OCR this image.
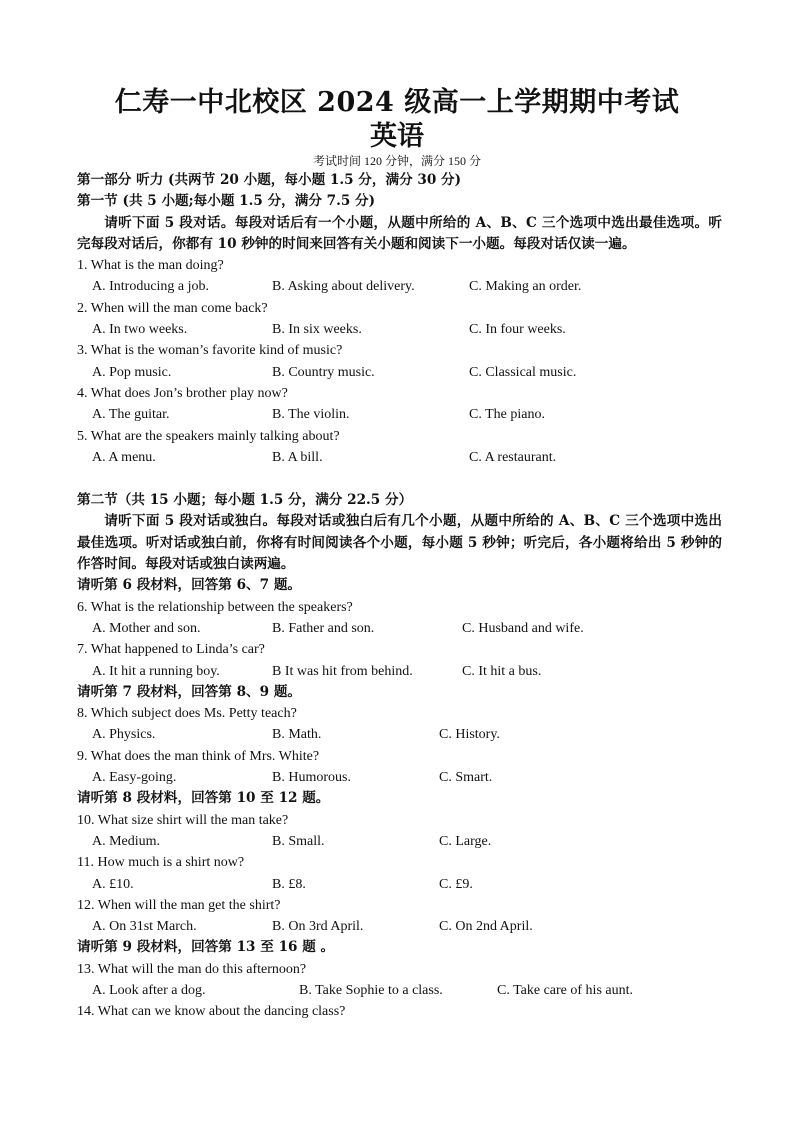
仁寿一中北校区 2024 级高一上学期期中考试
英语
考试时间 120 分钟，满分 150 分
第一部分 听力 (共两节 20 小题，每小题 1.5 分，满分 30 分)
第一节 (共 5 小题;每小题 1.5 分，满分 7.5 分)
请听下面 5 段对话。每段对话后有一个小题，从题中所给的 A、B、C 三个选项中选出最佳选项。听完每段对话后，你都有 10 秒钟的时间来回答有关小题和阅读下一小题。每段对话仅读一遍。
1. What is the man doing?
A. Introducing a job.	B. Asking about delivery.	C. Making an order.
2. When will the man come back?
A. In two weeks.	B. In six weeks.	C. In four weeks.
3. What is the woman’s favorite kind of music?
A. Pop music.	B. Country music.	C. Classical music.
4. What does Jon’s brother play now?
A. The guitar.	B. The violin.	C. The piano.
5. What are the speakers mainly talking about?
A. A menu.	B. A bill.	C. A restaurant.
第二节（共 15 小题；每小题 1.5 分，满分 22.5 分）
请听下面 5 段对话或独白。每段对话或独白后有几个小题，从题中所给的 A、B、C 三个选项中选出最佳选项。听对话或独白前，你将有时间阅读各个小题，每小题 5 秒钟；听完后，各小题将给出 5 秒钟的作答时间。每段对话或独白读两遍。
请听第 6 段材料，回答第 6、7 题。
6. What is the relationship between the speakers?
A. Mother and son.	B. Father and son.	C. Husband and wife.
7. What happened to Linda’s car?
A. It hit a running boy.	B It was hit from behind.	C. It hit a bus.
请听第 7 段材料，回答第 8、9 题。
8. Which subject does Ms. Petty teach?
A. Physics.	B. Math.	C. History.
9. What does the man think of Mrs. White?
A. Easy-going.	B. Humorous.	C. Smart.
请听第 8 段材料，回答第 10 至 12 题。
10. What size shirt will the man take?
A. Medium.	B. Small.	C. Large.
11. How much is a shirt now?
A. £10.	B. £8.	C. £9.
12. When will the man get the shirt?
A. On 31st March.	B. On 3rd April.	C. On 2nd April.
请听第 9 段材料，回答第 13 至 16 题 。
13. What will the man do this afternoon?
A. Look after a dog.	B. Take Sophie to a class.	C. Take care of his aunt.
14. What can we know about the dancing class?
